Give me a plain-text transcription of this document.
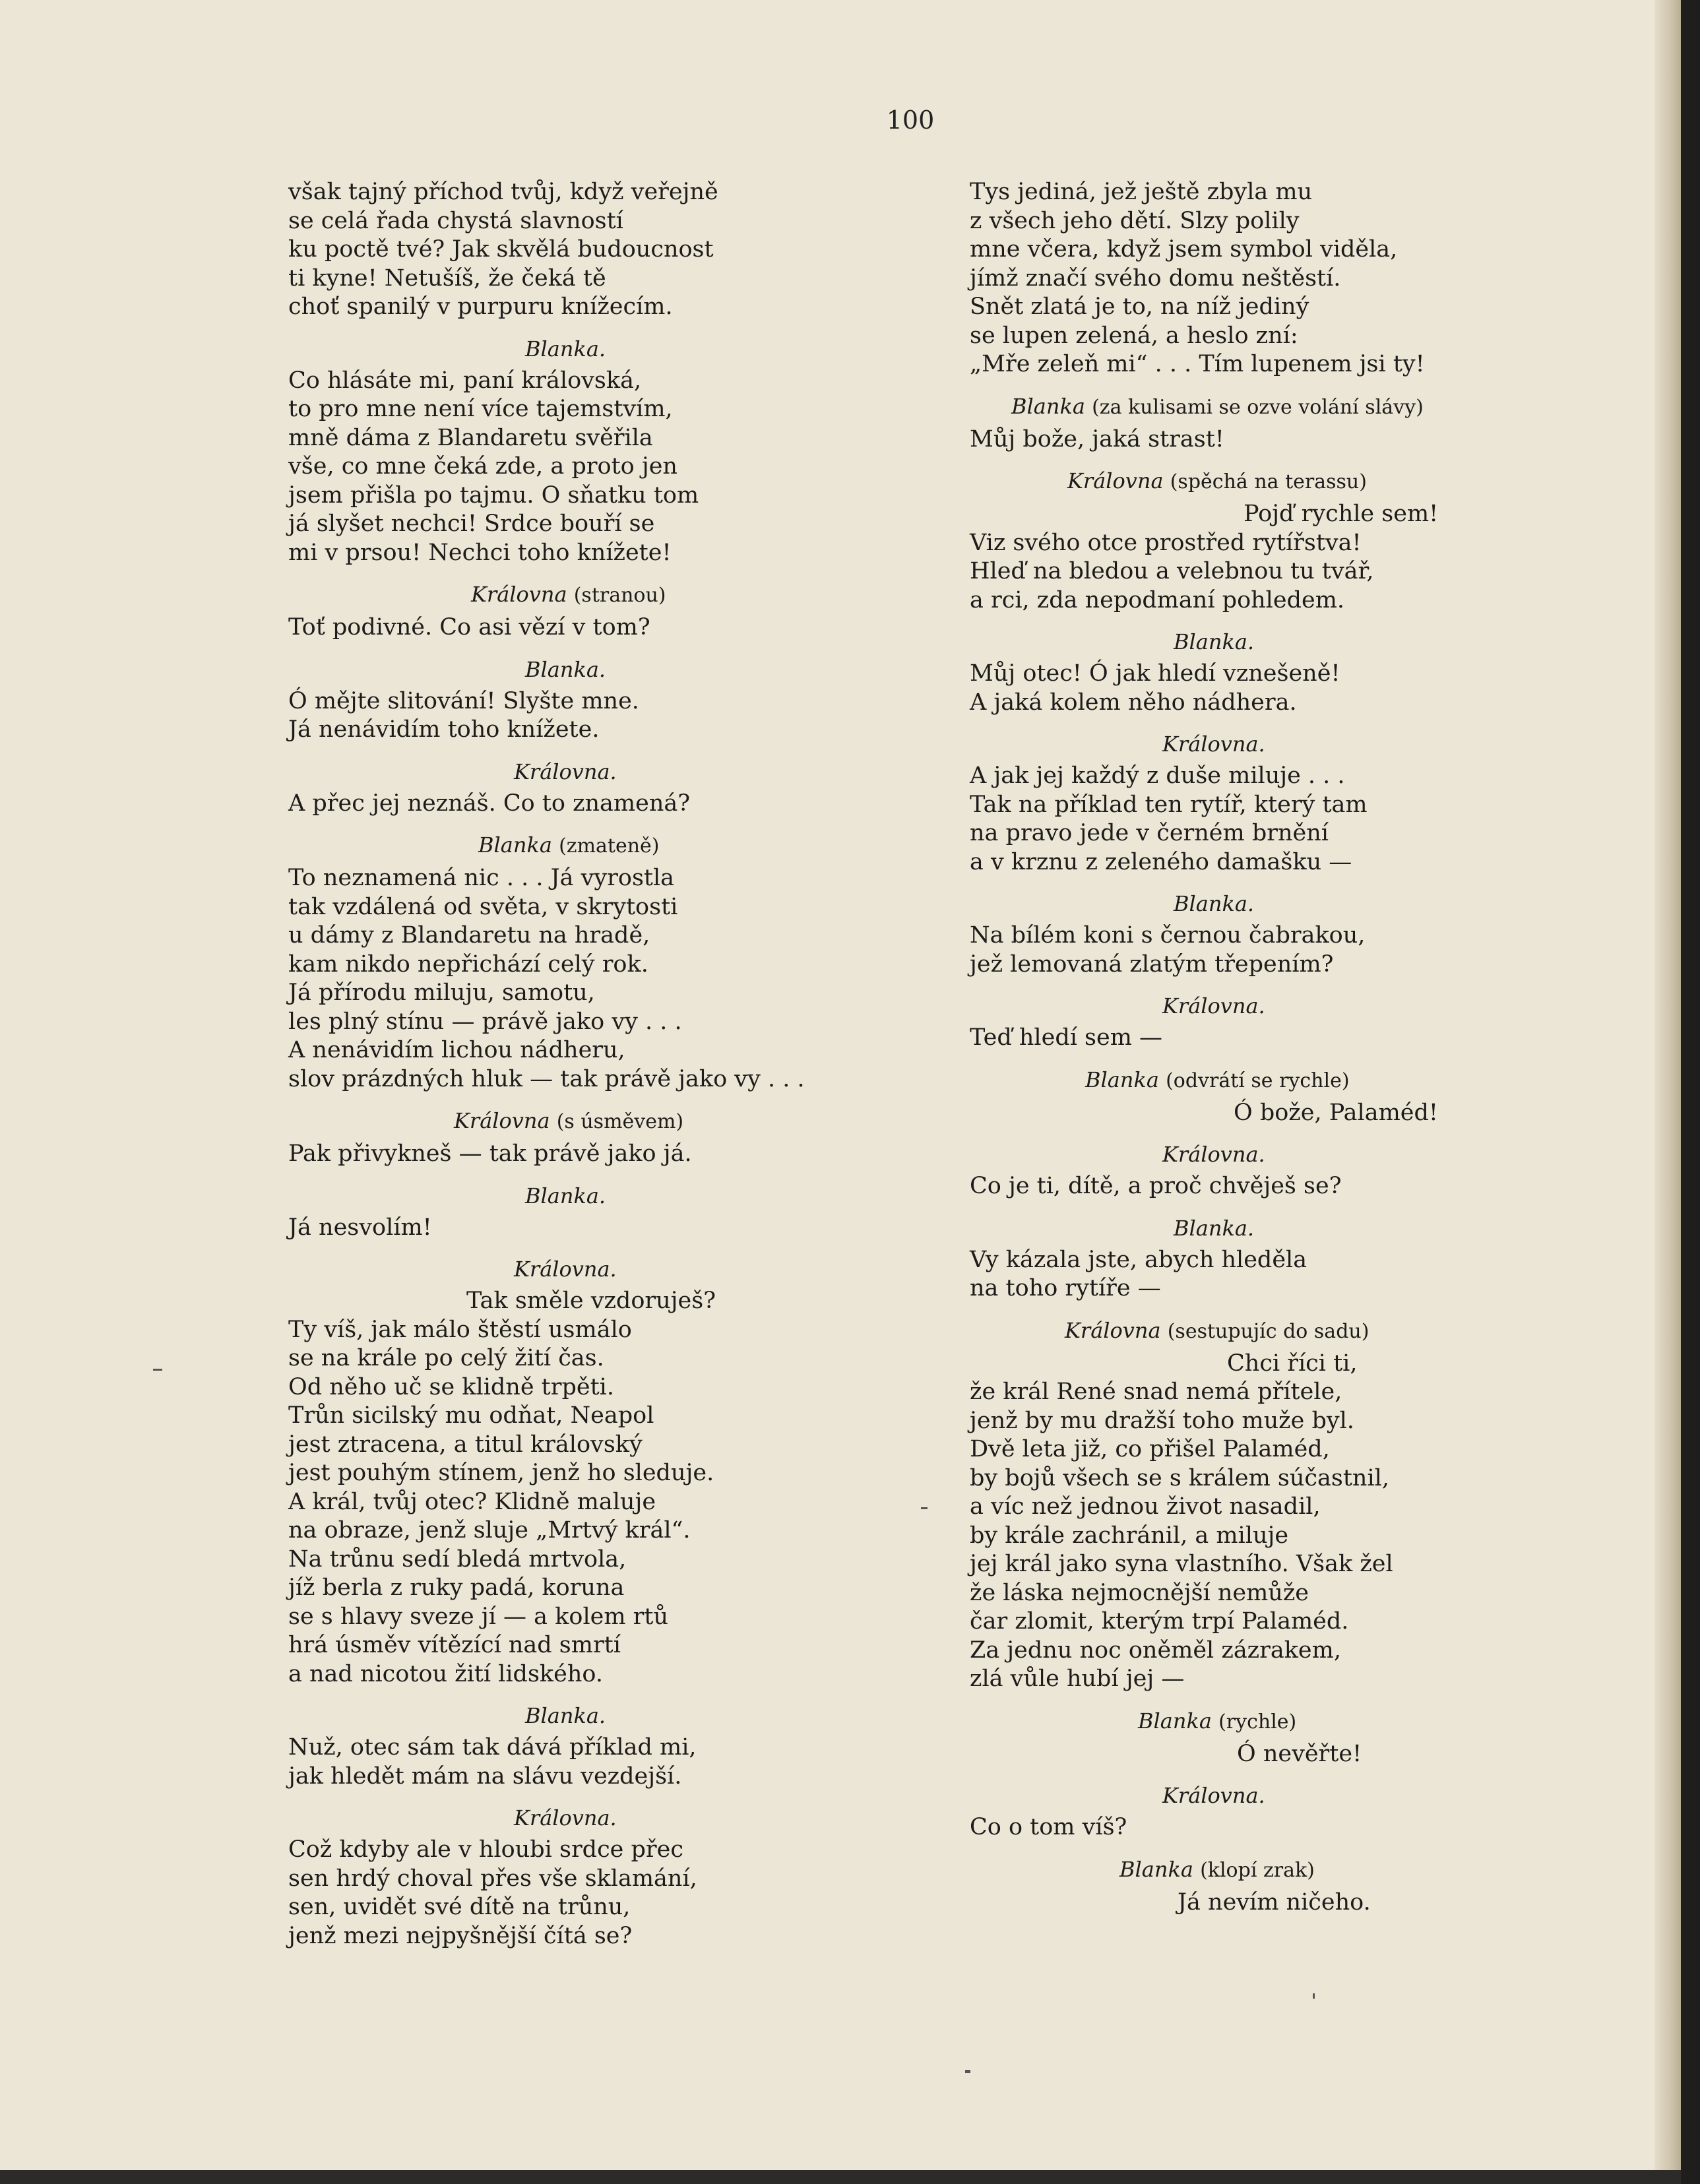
100
však tajný příchod tvůj, když veřejně
se celá řada chystá slavností
ku poctě tvé? Jak skvělá budoucnost
ti kyne! Netušíš, že čeká tě
choť spanilý v purpuru knížecím.
Blanka.
Co hlásáte mi, paní královská,
to pro mne není více tajemstvím,
mně dáma z Blandaretu svěřila
vše, co mne čeká zde, a proto jen
jsem přišla po tajmu. O sňatku tom
já slyšet nechci! Srdce bouří se
mi v prsou! Nechci toho knížete!
Královna (stranou)
Toť podivné. Co asi vězí v tom?
Blanka.
Ó mějte slitování! Slyšte mne.
Já nenávidím toho knížete.
Královna.
A přec jej neznáš. Co to znamená?
Blanka (zmateně)
To neznamená nic . . . Já vyrostla
tak vzdálená od světa, v skrytosti
u dámy z Blandaretu na hradě,
kam nikdo nepřichází celý rok.
Já přírodu miluju, samotu,
les plný stínu — právě jako vy . . .
A nenávidím lichou nádheru,
slov prázdných hluk — tak právě jako vy . . .
Královna (s úsměvem)
Pak přivykneš — tak právě jako já.
Blanka.
Já nesvolím!
Královna.
Tak směle vzdoruješ?
Ty víš, jak málo štěstí usmálo
se na krále po celý žití čas.
Od něho uč se klidně trpěti.
Trůn sicilský mu odňat, Neapol
jest ztracena, a titul královský
jest pouhým stínem, jenž ho sleduje.
A král, tvůj otec? Klidně maluje
na obraze, jenž sluje „Mrtvý král“.
Na trůnu sedí bledá mrtvola,
jíž berla z ruky padá, koruna
se s hlavy sveze jí — a kolem rtů
hrá úsměv vítězící nad smrtí
a nad nicotou žití lidského.
Blanka.
Nuž, otec sám tak dává příklad mi,
jak hledět mám na slávu vezdejší.
Královna.
Což kdyby ale v hloubi srdce přec
sen hrdý choval přes vše sklamání,
sen, uvidět své dítě na trůnu,
jenž mezi nejpyšnější čítá se?
Tys jediná, jež ještě zbyla mu
z všech jeho dětí. Slzy polily
mne včera, když jsem symbol viděla,
jímž značí svého domu neštěstí.
Snět zlatá je to, na níž jediný
se lupen zelená, a heslo zní:
„Mře zeleň mi“ . . . Tím lupenem jsi ty!
Blanka (za kulisami se ozve volání slávy)
Můj bože, jaká strast!
Královna (spěchá na terassu)
Pojď rychle sem!
Viz svého otce prostřed rytířstva!
Hleď na bledou a velebnou tu tvář,
a rci, zda nepodmaní pohledem.
Blanka.
Můj otec! Ó jak hledí vznešeně!
A jaká kolem něho nádhera.
Královna.
A jak jej každý z duše miluje . . .
Tak na příklad ten rytíř, který tam
na pravo jede v černém brnění
a v krznu z zeleného damašku —
Blanka.
Na bílém koni s černou čabrakou,
jež lemovaná zlatým třepením?
Královna.
Teď hledí sem —
Blanka (odvrátí se rychle)
Ó bože, Palaméd!
Královna.
Co je ti, dítě, a proč chvěješ se?
Blanka.
Vy kázala jste, abych hleděla
na toho rytíře —
Královna (sestupujíc do sadu)
Chci říci ti,
že král René snad nemá přítele,
jenž by mu dražší toho muže byl.
Dvě leta již, co přišel Palaméd,
by bojů všech se s králem súčastnil,
a víc než jednou život nasadil,
by krále zachránil, a miluje
jej král jako syna vlastního. Však žel
že láska nejmocnější nemůže
čar zlomit, kterým trpí Palaméd.
Za jednu noc oněměl zázrakem,
zlá vůle hubí jej —
Blanka (rychle)
Ó nevěřte!
Královna.
Co o tom víš?
Blanka (klopí zrak)
Já nevím ničeho.
